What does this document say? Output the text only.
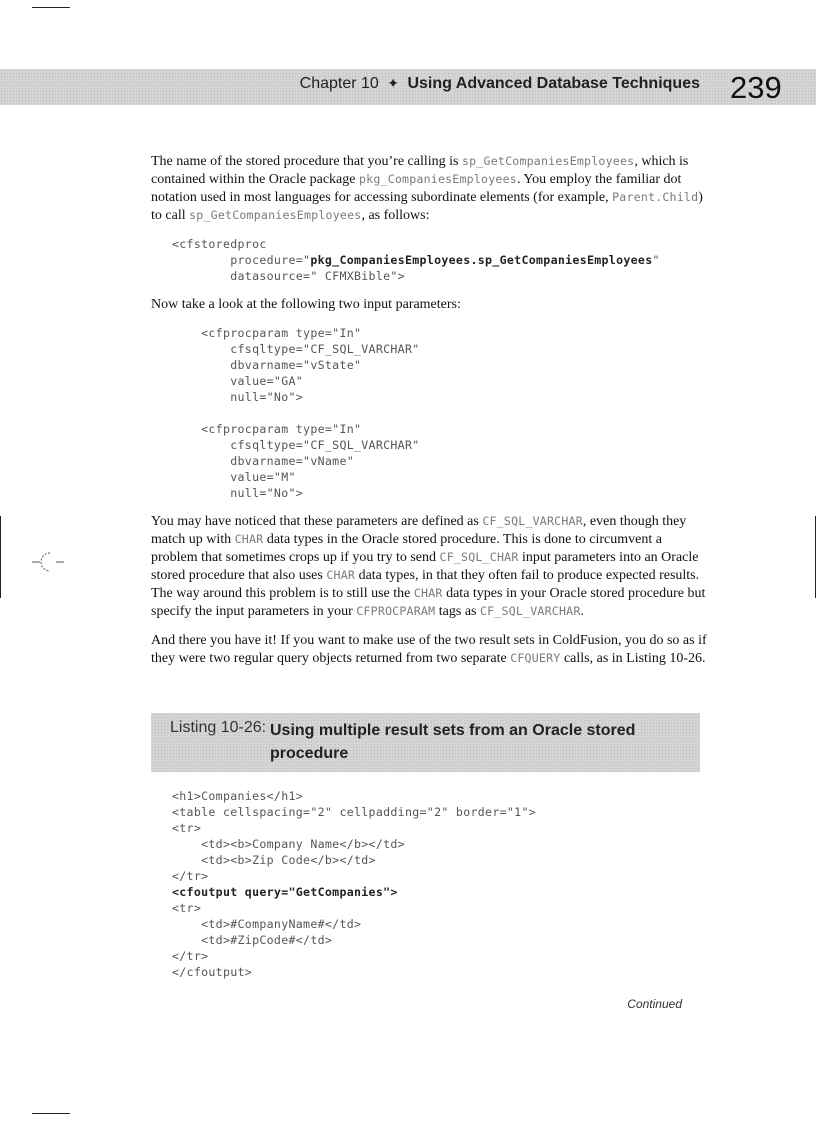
Chapter 10 ✦ Using Advanced Database Techniques 239

The name of the stored procedure that you’re calling is sp_GetCompaniesEmployees, which is contained within the Oracle package pkg_CompaniesEmployees. You employ the familiar dot notation used in most languages for accessing subordinate elements (for example, Parent.Child) to call sp_GetCompaniesEmployees, as follows:

<cfstoredproc
procedure="pkg_CompaniesEmployees.sp_GetCompaniesEmployees"
datasource=" CFMXBible">

Now take a look at the following two input parameters:

<cfprocparam type="In"
cfsqltype="CF_SQL_VARCHAR"
dbvarname="vState"
value="GA"
null="No">

<cfprocparam type="In"
cfsqltype="CF_SQL_VARCHAR"
dbvarname="vName"
value="M"
null="No">

You may have noticed that these parameters are defined as CF_SQL_VARCHAR, even though they match up with CHAR data types in the Oracle stored procedure. This is done to circumvent a problem that sometimes crops up if you try to send CF_SQL_CHAR input parameters into an Oracle stored procedure that also uses CHAR data types, in that they often fail to produce expected results. The way around this problem is to still use the CHAR data types in your Oracle stored procedure but specify the input parameters in your CFPROCPARAM tags as CF_SQL_VARCHAR.

And there you have it! If you want to make use of the two result sets in ColdFusion, you do so as if they were two regular query objects returned from two separate CFQUERY calls, as in Listing 10-26.

Listing 10-26: Using multiple result sets from an Oracle stored procedure
<h1>Companies</h1>
<table cellspacing="2" cellpadding="2" border="1">
<tr>
<td><b>Company Name</b></td>
<td><b>Zip Code</b></td>
</tr>
<cfoutput query="GetCompanies">
<tr>
<td>#CompanyName#</td>
<td>#ZipCode#</td>
</tr>
</cfoutput>
Continued
